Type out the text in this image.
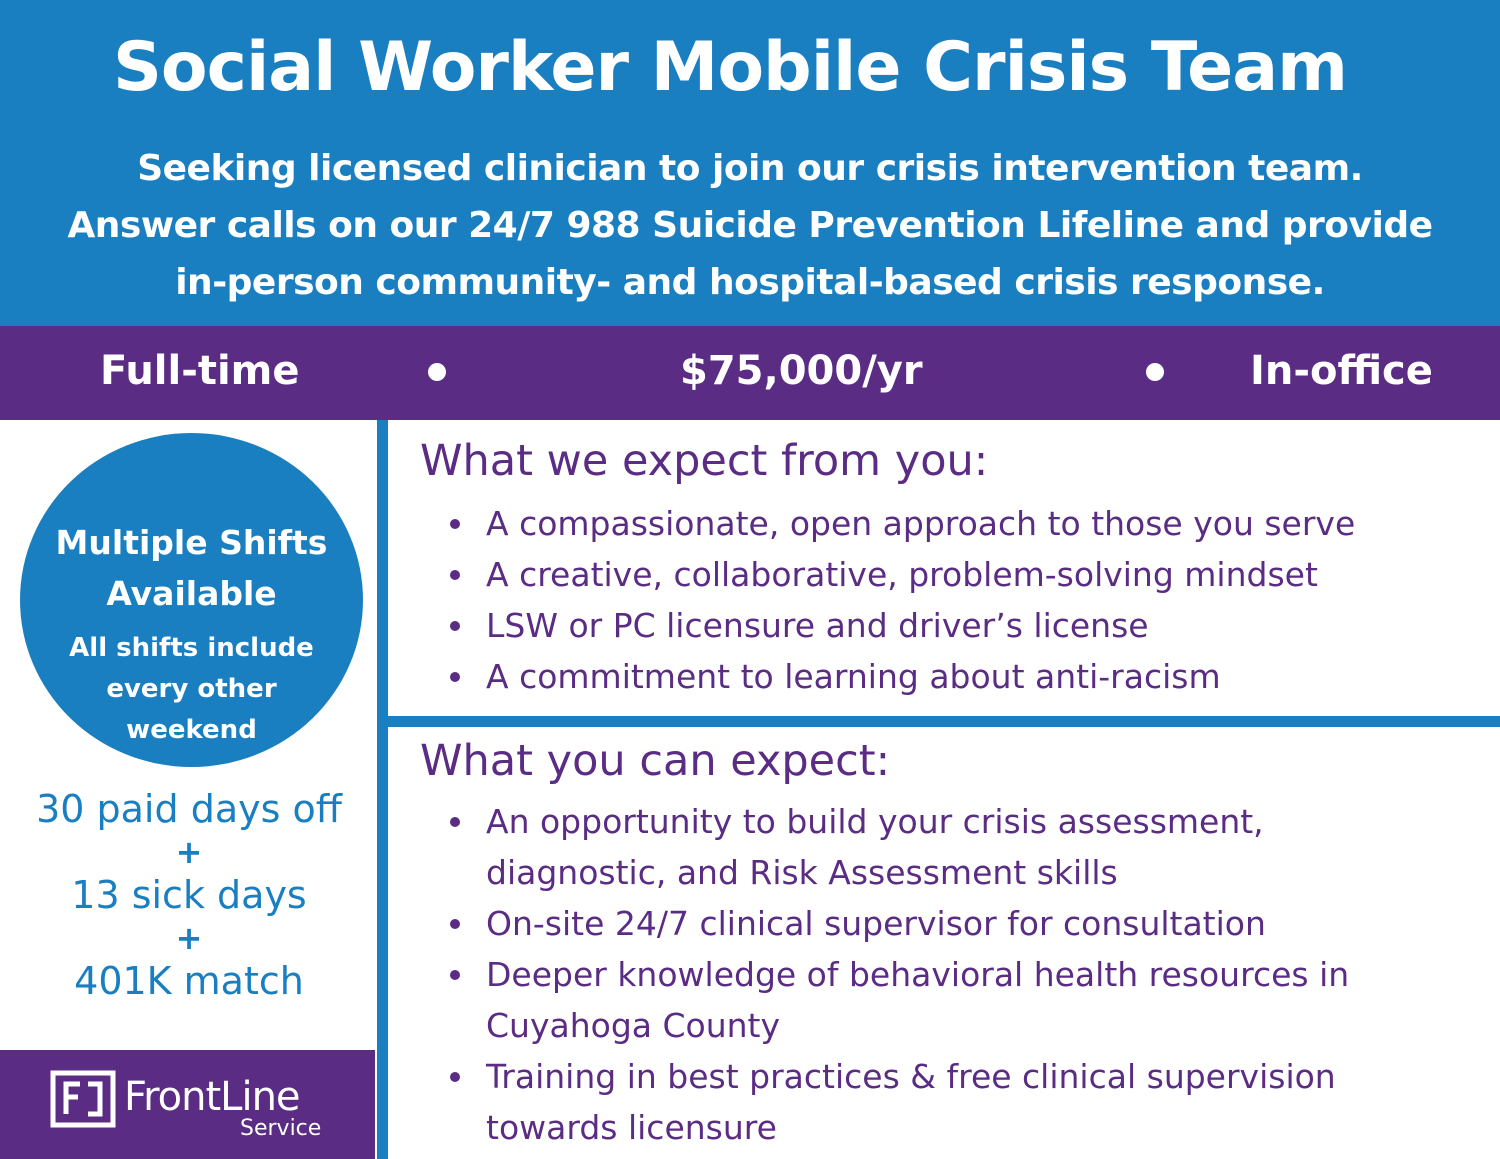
Social Worker Mobile Crisis Team
Seeking licensed clinician to join our crisis intervention team.
Answer calls on our 24/7 988 Suicide Prevention Lifeline and provide
in-person community- and hospital-based crisis response.
Full-time	$75,000/yr	In-office
Multiple Shifts
Available
All shifts include
every other
weekend
30 paid days off
+
13 sick days
+
401K match
FrontLine
Service
What we expect from you:
A compassionate, open approach to those you serve
A creative, collaborative, problem-solving mindset
LSW or PC licensure and driver’s license
A commitment to learning about anti-racism
What you can expect:
An opportunity to build your crisis assessment, diagnostic, and Risk Assessment skills
On-site 24/7 clinical supervisor for consultation
Deeper knowledge of behavioral health resources in Cuyahoga County
Training in best practices & free clinical supervision towards licensure
